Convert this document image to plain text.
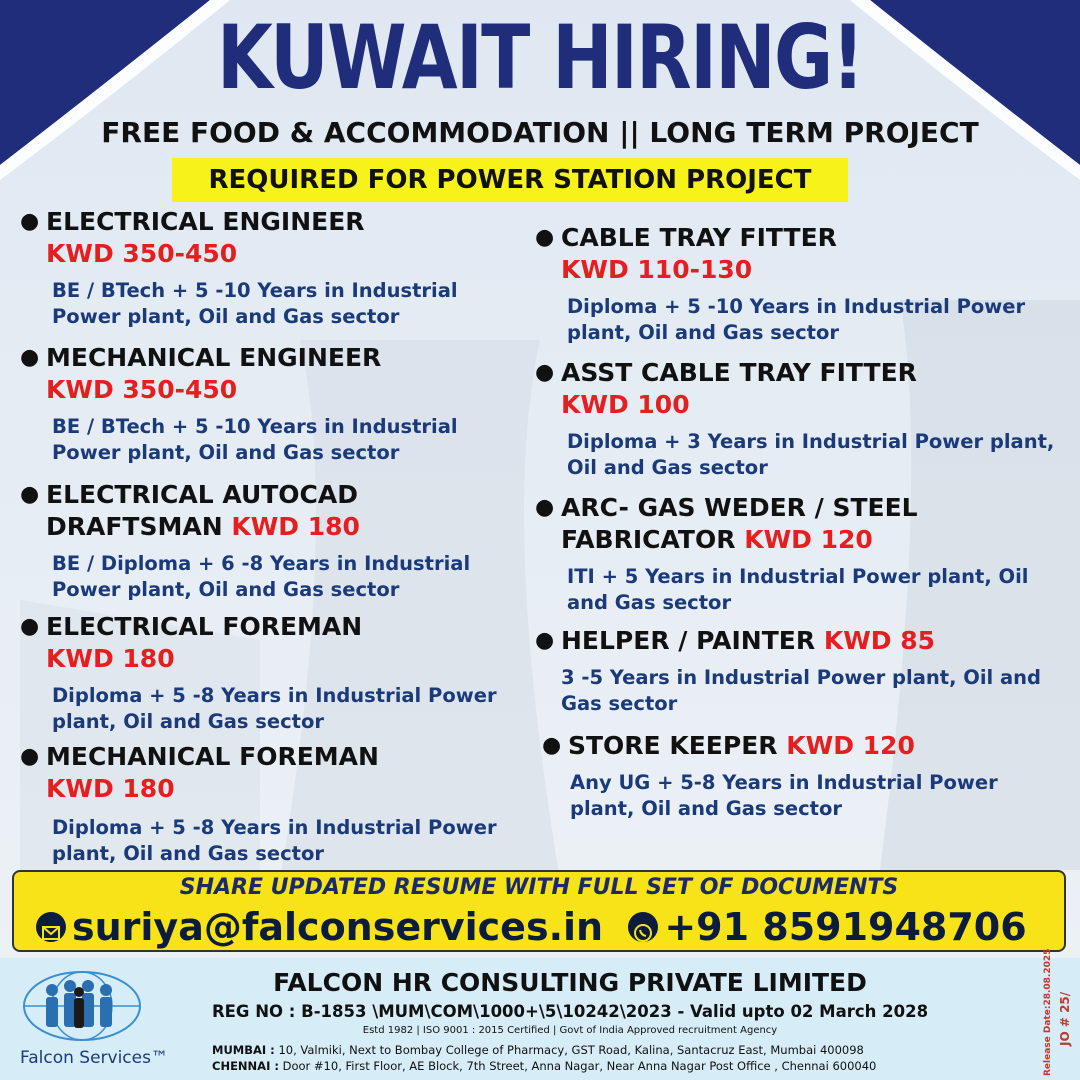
KUWAIT HIRING!
FREE FOOD & ACCOMMODATION || LONG TERM PROJECT
REQUIRED FOR POWER STATION PROJECT
● ELECTRICAL ENGINEER
KWD 350-450
BE / BTech + 5 -10 Years in Industrial Power plant, Oil and Gas sector
● MECHANICAL ENGINEER
KWD 350-450
BE / BTech + 5 -10 Years in Industrial Power plant, Oil and Gas sector
● ELECTRICAL AUTOCAD DRAFTSMAN KWD 180
BE / Diploma + 6 -8 Years in Industrial Power plant, Oil and Gas sector
● ELECTRICAL FOREMAN
KWD 180
Diploma + 5 -8 Years in Industrial Power plant, Oil and Gas sector
● MECHANICAL FOREMAN
KWD 180
Diploma + 5 -8 Years in Industrial Power plant, Oil and Gas sector
● CABLE TRAY FITTER
KWD 110-130
Diploma + 5 -10 Years in Industrial Power plant, Oil and Gas sector
● ASST CABLE TRAY FITTER
KWD 100
Diploma + 3 Years in Industrial Power plant, Oil and Gas sector
● ARC- GAS WEDER / STEEL FABRICATOR KWD 120
ITI + 5 Years in Industrial Power plant, Oil and Gas sector
● HELPER / PAINTER KWD 85
3 -5 Years in Industrial Power plant, Oil and Gas sector
● STORE KEEPER KWD 120
Any UG + 5-8 Years in Industrial Power plant, Oil and Gas sector
SHARE UPDATED RESUME WITH FULL SET OF DOCUMENTS
suriya@falconservices.in +91 8591948706
Falcon Services™
FALCON HR CONSULTING PRIVATE LIMITED
REG NO : B-1853 \MUM\COM\1000+\5\10242\2023 - Valid upto 02 March 2028
Estd 1982 | ISO 9001 : 2015 Certified | Govt of India Approved recruitment Agency
MUMBAI : 10, Valmiki, Next to Bombay College of Pharmacy, GST Road, Kalina, Santacruz East, Mumbai 400098
CHENNAI : Door #10, First Floor, AE Block, 7th Street, Anna Nagar, Near Anna Nagar Post Office , Chennai 600040	Release Date:28.08.2025 JO # 25/
